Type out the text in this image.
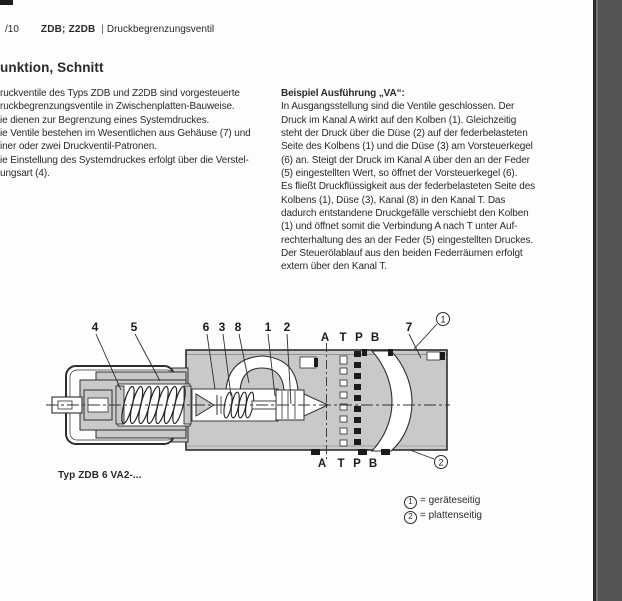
/10 ZDB; Z2DB | Druckbegrenzungsventil
unktion, Schnitt
ruckventile des Typs ZDB und Z2DB sind vorgesteuerte
ruckbegrenzungsventile in Zwischenplatten-Bauweise.
ie dienen zur Begrenzung eines Systemdruckes.
ie Ventile bestehen im Wesentlichen aus Gehäuse (7) und
iner oder zwei Druckventil-Patronen.
ie Einstellung des Systemdruckes erfolgt über die Verstel-
ungsart (4).
Beispiel Ausführung „VA“:
In Ausgangsstellung sind die Ventile geschlossen. Der
Druck im Kanal A wirkt auf den Kolben (1). Gleichzeitig
steht der Druck über die Düse (2) auf der federbelasteten
Seite des Kolbens (1) und die Düse (3) am Vorsteuerkegel
(6) an. Steigt der Druck im Kanal A über den an der Feder
(5) eingestellten Wert, so öffnet der Vorsteuerkegel (6).
Es fließt Druckflüssigkeit aus der federbelasteten Seite des
Kolbens (1), Düse (3), Kanal (8) in den Kanal T. Das
dadurch entstandene Druckgefälle verschiebt den Kolben
(1) und öffnet somit die Verbindung A nach T unter Auf-
rechterhaltung des an der Feder (5) eingestellten Druckes.
Der Steuerölablauf aus den beiden Federräumen erfolgt
extern über den Kanal T.
4	5	6 3 8 1 2	7
A T P B
A T P B
1
2
Typ ZDB 6 VA2-...
1 = geräteseitig
2 = plattenseitig
